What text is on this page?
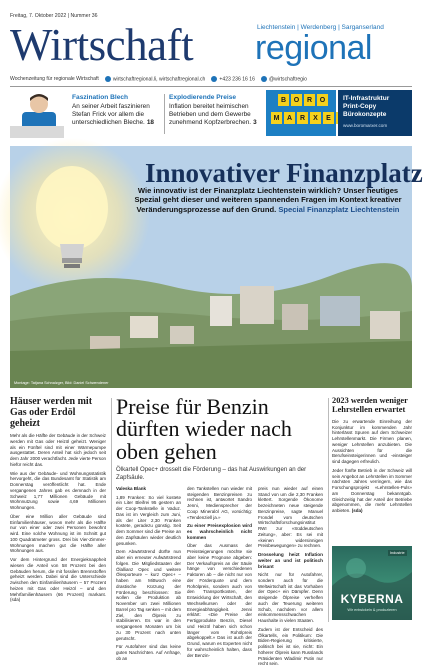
Freitag, 7. Oktober 2022 | Nummer 36
Wirtschaft	Liechtenstein | Werdenberg | Sarganserland
regional
Wochenzeitung für regionale Wirtschaft	wirtschaftregional.li, wirtschaftregional.ch	+423 236 16 16	@wirtschaftregio
Faszination Blech
An seiner Arbeit faszinieren Stefan Frick vor allem die unterschiedlichen Bleche. 18
Explodierende Preise
Inflation bereitet heimischen Betrieben und dem Gewerbe zunehmend Kopfzerbrechen. 3
B	O	R	O
M	A	R	X	E
IT-Infrastruktur
Print-Copy
Bürokonzepte
www.boromarxer.com
Innovativer Finanzplatz
Wie innovativ ist der Finanzplatz Liechtenstein wirklich? Unser heutiges Spezial geht dieser und weiteren spannenden Fragen im Kontext kreativer Veränderungsprozesse auf den Grund. Special Finanzplatz Liechtenstein
Montage: Tatjana Schnalzger, Bild: Daniel Schwendener
Häuser werden mit Gas oder Erdöl geheizt

Mehr als die Hälfte der Gebäude in der Schweiz werden mit Gas oder Heizöl geheizt. Weniger als ein Fünftel sind mit einer Wärmepumpe ausgestattet. Deren Anteil hat sich jedoch seit dem Jahr 2000 verachtfacht. Jede vierte Person hiefür reicht das.

Wie aus der Gebäude- und Wohnungsstatistik hervorgeht, die das Bundesamt für Statistik am Donnerstag veröffentlicht hat. Ende vergangenen Jahres gab es demnach in der Schweiz 1,77 Millionen Gebäude mit Wohnnutzung sowie 4,69 Millionen Wohnungen.

Über eine Million aller Gebäude sind Einfamilienhäuser, wovon mehr als die Hälfte nur von einer oder zwei Personen bewohnt wird. Eine solche Wohnung ist im Schnitt gut 100 Quadratmeter gross. Drei bis Vier-Zimmer-Wohnungen machen gut die Hälfte aller Wohnungen aus.

Vor dem Hintergrund der Energieknappheit wiesen die Anteil von 58 Prozent bei den Gebäuden herum, die mit fossilen Brennstoffen geheizt werden. Dabei sind die Unterschiede zwischen den Einfamilienhäusern – 57 Prozent heizen mit Gas oder Heizöl – und den Mehrfamilienhäusern (66 Prozent) markant. (sda)

Preise für Benzin dürften wieder nach oben gehen
Ölkartell Opec+ drosselt die Förderung – das hat Auswirkungen an der Zapfsäule.

Valeska Blank

1,89 Franken: So viel kostete ein Liter Bleifrei 95 gestern an der Coop-Tankstelle in Vaduz. Das ist im Vergleich zum Juni, als der Liter 2,30 Franken kostete, geradezu günstig. Seit dem Sommer sind die Preise an den Zapfsäulen wieder deutlich gesunken.

Dem Abwärtstrend dürfte nun aber ein erneuter Aufwärtstrend folgen. Die Mitgliedstaaten der Ölallianz Opec und weitere Ölexporteure – kurz Opec+ – haben am Mittwoch eine drastische Kürzung der Förderung beschlossen: Sie wollen die Produktion ab November um zwei Millionen Barrel pro Tag senken – mit dem Ziel, den Ölpreis zu stabilisieren. Es war in den vergangenen Monaten um bis zu 30 Prozent nach unten gerutscht.

Für Autofahrer sind das keine guten Nachrichten. Auf Anfrage, ob an

den Tankstellen nun wieder mit steigenden Benzinpreisen zu rechnen ist, antwortet Sandro Jenni, Mediensprecher der Coop Mineralöl AG, vorsichtig: «Tendenziell ja.»

Zu einer Preisexplosion wird es wahrscheinlich nicht kommen

Über das Ausmass der Preissteigerungen möchte sie aber keine Prognose abgeben: Der Verkaufspreis an der Säule hänge von verschiedenen Faktoren ab – die nicht nur von der Förderquote und dem Rohölpreis, sondern auch von den Transportkosten, der Entwicklung der Wirtschaft, den Wechselkursen oder der Energieabhängigkeit. Jenni erklärt: «Die Preise der Fertigprodukte Benzin, Diesel und Heizöl haben sich schon länger vom Rohölpreis abgekoppelt.» Das ist auch der Grund, warum es Experten nicht für wahrscheinlich halten, dass der Benzin-

preis nun wieder auf einen Stand von um die 2,30 Franken klettert. Sorgende Ökonome bezeichneten neue steigende Benzinpreise, sagte Manuel Frondel vom deutschen Wirtschaftsforschungsinstitut RWI zur «Süddeutschen Zeitung», aber: Es sei mit «keinen widersinnigen Preisbewegungen» zu rechnen.

Drosselung heizt Inflation weiter an und ist politisch brisant

Nicht nur für Autofahrer, sondern auch für die Weltwirtschaft ist das Vorhaben der Opec+ ein Dämpfer. Denn steigende Ölpreise verhelfen auch der Teuerung weiteren Schub, nachdem vor allem einkommensschwachen Haushalte in vielen Staaten.

Zudem ist der Entscheid des Ölkartells, ein Politikum: Die Biden-Regierung kritisierte, politisch bei ist sie, nicht: Ein höherer Ölpreis kann Russlands Präsidenten Wladimir Putin nur recht sein.

2023 werden weniger Lehrstellen erwartet

Die zu erwartende Einreihung der Konjunktur im kommenden Jahr hinterlässt Spuren auf dem Schweizer Lehrstellenmarkt. Die Firmen planen, weniger Lehrstellen anzubieten. Die Aussichten für die Berufseinsteigerinnen und -einsteiger sind dagegen erfreulich.

Jeder fünfte Betrieb in der Schweiz will sein Angebot an Lehrstellen im Sommer nächsten Jahres verringern, wie das Forschungsprojekt «Lehrstellen-Puls» am Donnerstag bekanntgab. Gleichzeitig hat der Anteil der Betriebe abgenommen, die mehr Lehrstellen anbieten. (sda)

Industrie
KYBERNA
Wir entwickeln & produzieren
